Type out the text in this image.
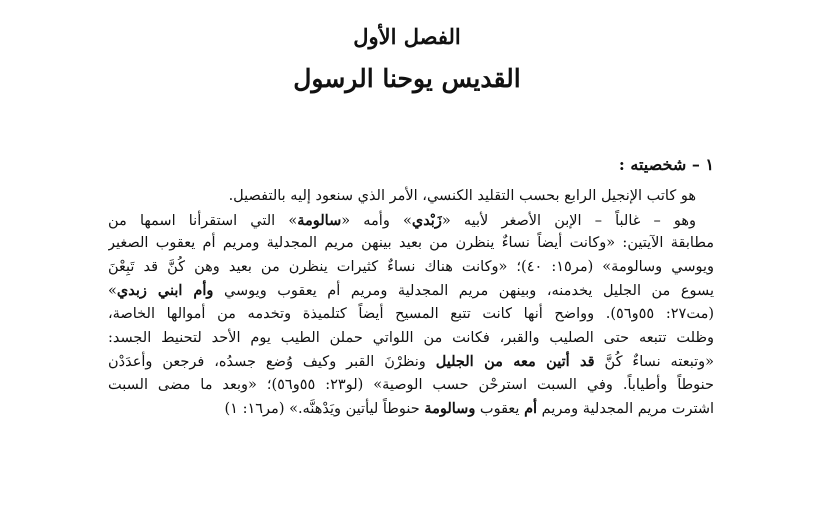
الفصل الأول
القديس يوحنا الرسول
١ – شخصيته :
هو كاتب الإنجيل الرابع بحسب التقليد الكنسي، الأمر الذي سنعود إليه بالتفصيل.
وهو – غالباً – الإبن الأصغر لأبيه «زَبْدي» وأمه «سالومة» التي استقرأنا اسمها من
مطابقة الآيتين: «وكانت أيضاً نساءٌ ينظرن من بعيد بينهن مريم المجدلية ومريم أم يعقوب الصغير
ويوسي وسالومة» (مر١٥: ٤٠)؛ «وكانت هناك نساءٌ كثيرات ينظرن من بعيد وهن كُنَّ قد تَبِعْنَ
يسوع من الجليل يخدمنه، وبينهن مريم المجدلية ومريم أم يعقوب ويوسي وأم ابني زبدي»
(مت٢٧: ٥٥و٥٦). وواضح أنها كانت تتبع المسيح أيضاً كتلميذة وتخدمه من أموالها الخاصة،
وظلت تتبعه حتى الصليب والقبر، فكانت من اللواتي حملن الطيب يوم الأحد لتحنيط الجسد:
«وتبعته نساءٌ كُنَّ قد أتين معه من الجليل ونظرْنَ القبر وكيف وُضع جسدُه، فرجعن وأعدَدْن
حنوطاً وأطياباً. وفي السبت استرحْن حسب الوصية» (لو٢٣: ٥٥و٥٦)؛ «وبعد ما مضى السبت
اشترت مريم المجدلية ومريم أم يعقوب وسالومة حنوطاً ليأتين ويَدْهنَّه.» (مر١٦: ١)
